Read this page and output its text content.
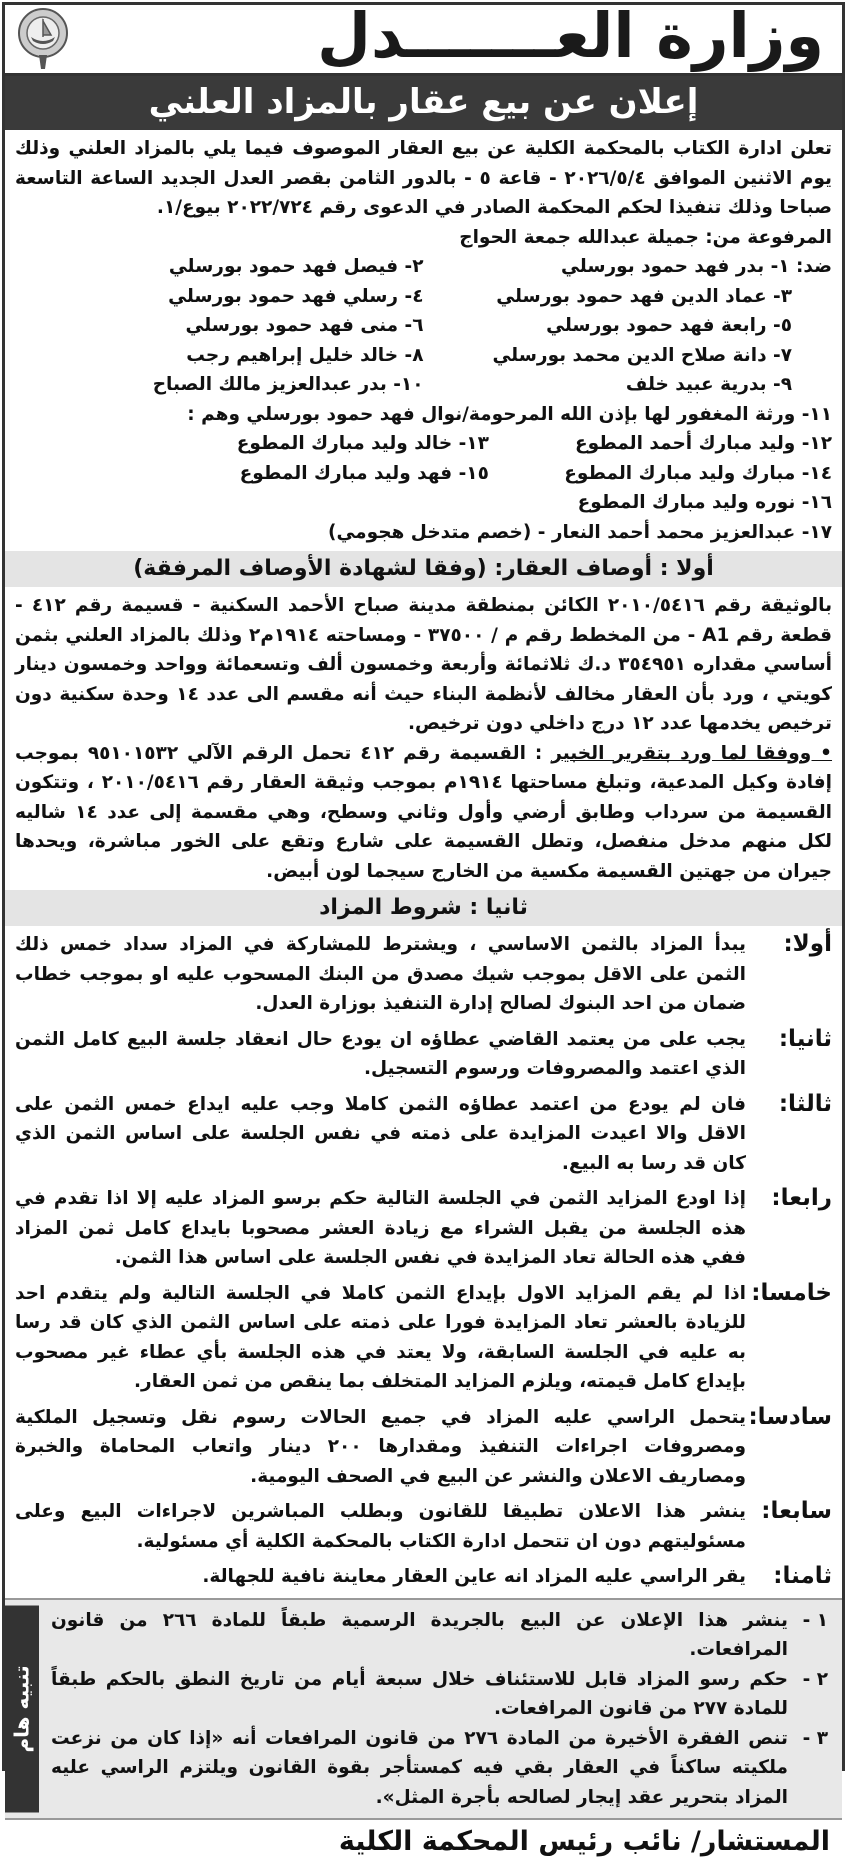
وزارة العـــــــدل
إعلان عن بيع عقار بالمزاد العلني

تعلن ادارة الكتاب بالمحكمة الكلية عن بيع العقار الموصوف فيما يلي بالمزاد العلني وذلك يوم الاثنين الموافق ٢٠٢٦/٥/٤ - قاعة ٥ - بالدور الثامن بقصر العدل الجديد الساعة التاسعة صباحا وذلك تنفيذا لحكم المحكمة الصادر في الدعوى رقم ٢٠٢٢/٧٢٤ بيوع/١.

المرفوعة من: جميلة عبدالله جمعة الحواج

ضد: ١- بدر فهد حمود بورسلي
٢- فيصل فهد حمود بورسلي
٣- عماد الدين فهد حمود بورسلي
٤- رسلي فهد حمود بورسلي
٥- رابعة فهد حمود بورسلي
٦- منى فهد حمود بورسلي
٧- دانة صلاح الدين محمد بورسلي
٨- خالد خليل إبراهيم رجب
٩- بدرية عبيد خلف
١٠- بدر عبدالعزيز مالك الصباح
١١- ورثة المغفور لها بإذن الله المرحومة/نوال فهد حمود بورسلي وهم :
١٢- وليد مبارك أحمد المطوع
١٣- خالد وليد مبارك المطوع
١٤- مبارك وليد مبارك المطوع
١٥- فهد وليد مبارك المطوع
١٦- نوره وليد مبارك المطوع
١٧- عبدالعزيز محمد أحمد النعار - (خصم متدخل هجومي)
أولا : أوصاف العقار: (وفقا لشهادة الأوصاف المرفقة)

بالوثيقة رقم ٢٠١٠/٥٤١٦ الكائن بمنطقة مدينة صباح الأحمد السكنية - قسيمة رقم ٤١٢ - قطعة رقم A1 - من المخطط رقم م / ٣٧٥٠٠ - ومساحته ١٩١٤م٢ وذلك بالمزاد العلني بثمن أساسي مقداره ٣٥٤٩٥١ د.ك ثلاثمائة وأربعة وخمسون ألف وتسعمائة وواحد وخمسون دينار كويتي ، ورد بأن العقار مخالف لأنظمة البناء حيث أنه مقسم الى عدد ١٤ وحدة سكنية دون ترخيص يخدمها عدد ١٢ درج داخلي دون ترخيص.

• ووفقا لما ورد بتقرير الخبير : القسيمة رقم ٤١٢ تحمل الرقم الآلي ٩٥١٠١٥٣٢ بموجب إفادة وكيل المدعية، وتبلغ مساحتها ١٩١٤م بموجب وثيقة العقار رقم ٢٠١٠/٥٤١٦ ، وتتكون القسيمة من سرداب وطابق أرضي وأول وثاني وسطح، وهي مقسمة إلى عدد ١٤ شاليه لكل منهم مدخل منفصل، وتطل القسيمة على شارع وتقع على الخور مباشرة، ويحدها جيران من جهتين القسيمة مكسية من الخارج سيجما لون أبيض.

ثانيا : شروط المزاد
أولا:
يبدأ المزاد بالثمن الاساسي ، ويشترط للمشاركة في المزاد سداد خمس ذلك الثمن على الاقل بموجب شيك مصدق من البنك المسحوب عليه او بموجب خطاب ضمان من احد البنوك لصالح إدارة التنفيذ بوزارة العدل.
ثانيا:
يجب على من يعتمد القاضي عطاؤه ان يودع حال انعقاد جلسة البيع كامل الثمن الذي اعتمد والمصروفات ورسوم التسجيل.
ثالثا:
فان لم يودع من اعتمد عطاؤه الثمن كاملا وجب عليه ايداع خمس الثمن على الاقل والا اعيدت المزايدة على ذمته في نفس الجلسة على اساس الثمن الذي كان قد رسا به البيع.
رابعا:
إذا اودع المزايد الثمن في الجلسة التالية حكم برسو المزاد عليه إلا اذا تقدم في هذه الجلسة من يقبل الشراء مع زيادة العشر مصحوبا بايداع كامل ثمن المزاد ففي هذه الحالة تعاد المزايدة في نفس الجلسة على اساس هذا الثمن.
خامسا:
اذا لم يقم المزايد الاول بإيداع الثمن كاملا في الجلسة التالية ولم يتقدم احد للزيادة بالعشر تعاد المزايدة فورا على ذمته على اساس الثمن الذي كان قد رسا به عليه في الجلسة السابقة، ولا يعتد في هذه الجلسة بأي عطاء غير مصحوب بإيداع كامل قيمته، ويلزم المزايد المتخلف بما ينقص من ثمن العقار.
سادسا:
يتحمل الراسي عليه المزاد في جميع الحالات رسوم نقل وتسجيل الملكية ومصروفات اجراءات التنفيذ ومقدارها ٢٠٠ دينار واتعاب المحاماة والخبرة ومصاريف الاعلان والنشر عن البيع في الصحف اليومية.
سابعا:
ينشر هذا الاعلان تطبيقا للقانون وبطلب المباشرين لاجراءات البيع وعلى مسئوليتهم دون ان تتحمل ادارة الكتاب بالمحكمة الكلية أي مسئولية.
ثامنا:
يقر الراسي عليه المزاد انه عاين العقار معاينة نافية للجهالة.
١ -
ينشر هذا الإعلان عن البيع بالجريدة الرسمية طبقاً للمادة ٢٦٦ من قانون المرافعات.
٢ -
حكم رسو المزاد قابل للاستئناف خلال سبعة أيام من تاريخ النطق بالحكم طبقاً للمادة ٢٧٧ من قانون المرافعات.
٣ -
تنص الفقرة الأخيرة من المادة ٢٧٦ من قانون المرافعات أنه «إذا كان من نزعت ملكيته ساكناً في العقار بقي فيه كمستأجر بقوة القانون ويلتزم الراسي عليه المزاد بتحرير عقد إيجار لصالحه بأجرة المثل».
تنبيه هام
المستشار/ نائب رئيس المحكمة الكلية
